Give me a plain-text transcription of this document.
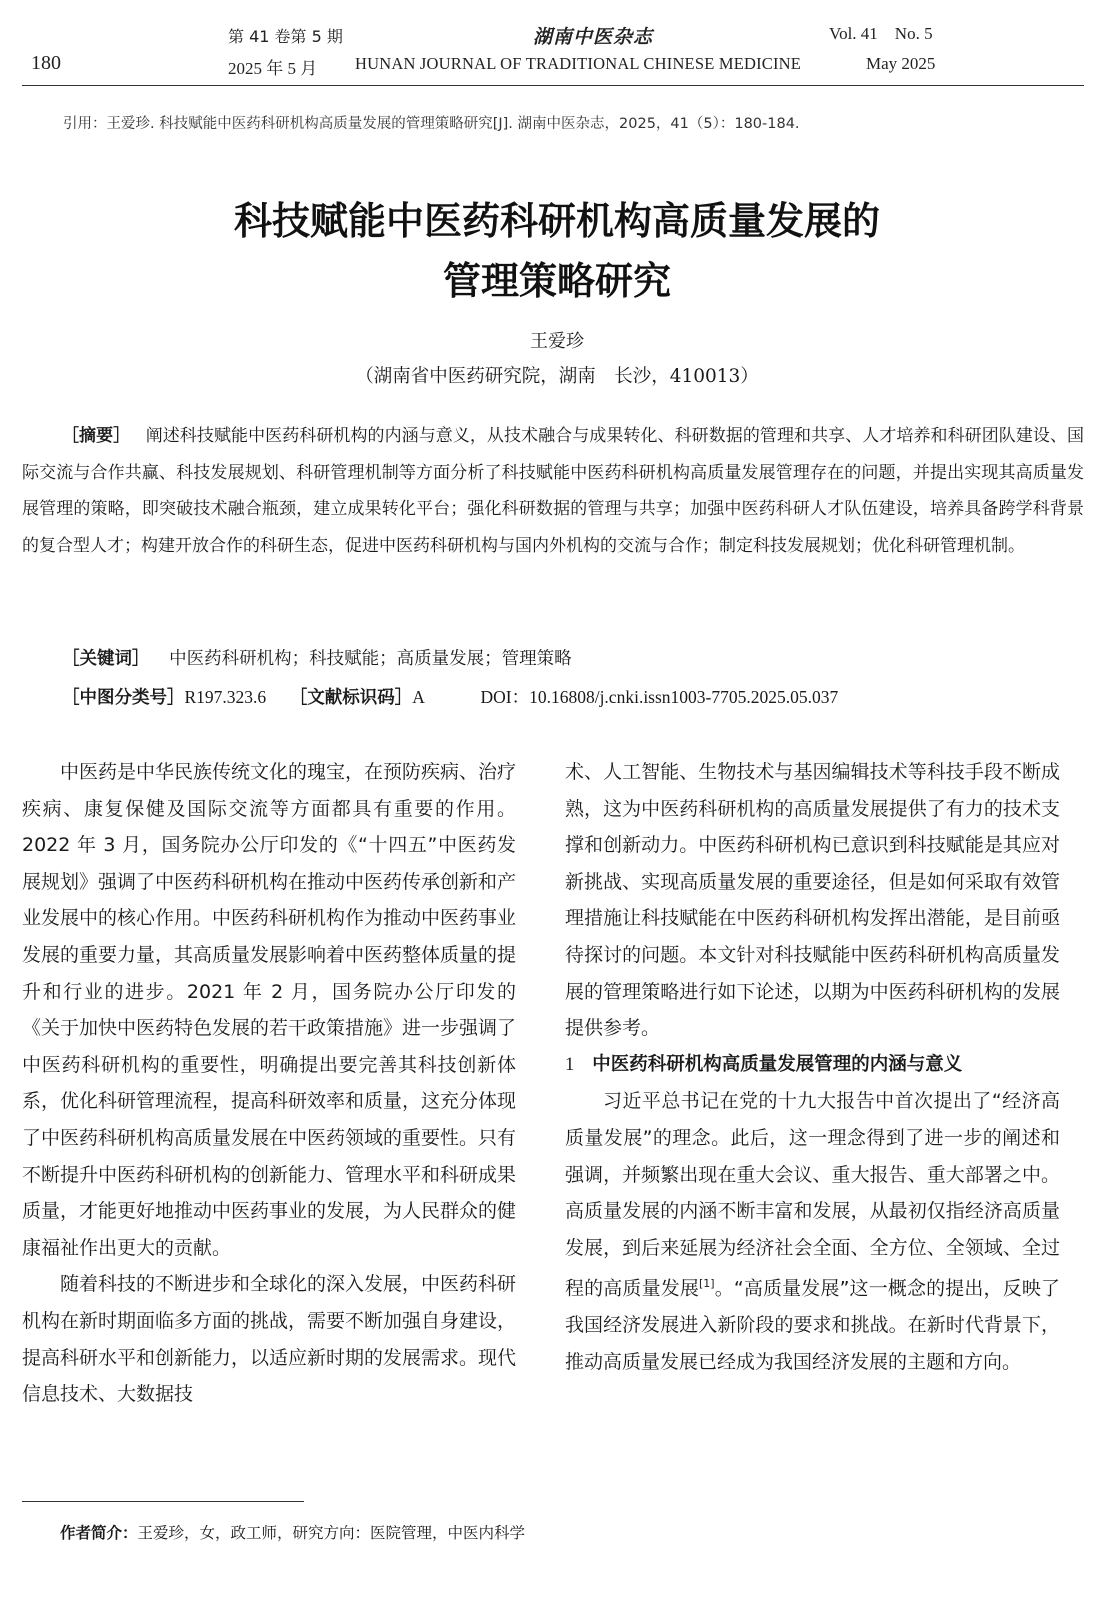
180
第 41 卷第 5 期
2025 年 5 月
湖南中医杂志
HUNAN JOURNAL OF TRADITIONAL CHINESE MEDICINE
Vol. 41    No. 5
May 2025
引用：王爱珍. 科技赋能中医药科研机构高质量发展的管理策略研究[J]. 湖南中医杂志，2025，41（5）：180-184.
科技赋能中医药科研机构高质量发展的
管理策略研究
王爱珍
（湖南省中医药研究院，湖南　长沙，410013）
［摘要］ 阐述科技赋能中医药科研机构的内涵与意义，从技术融合与成果转化、科研数据的管理和共享、人才培养和科研团队建设、国际交流与合作共赢、科技发展规划、科研管理机制等方面分析了科技赋能中医药科研机构高质量发展管理存在的问题，并提出实现其高质量发展管理的策略，即突破技术融合瓶颈，建立成果转化平台；强化科研数据的管理与共享；加强中医药科研人才队伍建设，培养具备跨学科背景的复合型人才；构建开放合作的科研生态，促进中医药科研机构与国内外机构的交流与合作；制定科技发展规划；优化科研管理机制。
［关键词］ 中医药科研机构；科技赋能；高质量发展；管理策略
［中图分类号］R197.323.6 ［文献标识码］A	DOI：10.16808/j.cnki.issn1003-7705.2025.05.037

中医药是中华民族传统文化的瑰宝，在预防疾病、治疗疾病、康复保健及国际交流等方面都具有重要的作用。2022 年 3 月，国务院办公厅印发的《“十四五”中医药发展规划》强调了中医药科研机构在推动中医药传承创新和产业发展中的核心作用。中医药科研机构作为推动中医药事业发展的重要力量，其高质量发展影响着中医药整体质量的提升和行业的进步。2021 年 2 月，国务院办公厅印发的《关于加快中医药特色发展的若干政策措施》进一步强调了中医药科研机构的重要性，明确提出要完善其科技创新体系，优化科研管理流程，提高科研效率和质量，这充分体现了中医药科研机构高质量发展在中医药领域的重要性。只有不断提升中医药科研机构的创新能力、管理水平和科研成果质量，才能更好地推动中医药事业的发展，为人民群众的健康福祉作出更大的贡献。

随着科技的不断进步和全球化的深入发展，中医药科研机构在新时期面临多方面的挑战，需要不断加强自身建设，提高科研水平和创新能力，以适应新时期的发展需求。现代信息技术、大数据技

术、人工智能、生物技术与基因编辑技术等科技手段不断成熟，这为中医药科研机构的高质量发展提供了有力的技术支撑和创新动力。中医药科研机构已意识到科技赋能是其应对新挑战、实现高质量发展的重要途径，但是如何采取有效管理措施让科技赋能在中医药科研机构发挥出潜能，是目前亟待探讨的问题。本文针对科技赋能中医药科研机构高质量发展的管理策略进行如下论述，以期为中医药科研机构的发展提供参考。

1 中医药科研机构高质量发展管理的内涵与意义

习近平总书记在党的十九大报告中首次提出了“经济高质量发展”的理念。此后，这一理念得到了进一步的阐述和强调，并频繁出现在重大会议、重大报告、重大部署之中。高质量发展的内涵不断丰富和发展，从最初仅指经济高质量发展，到后来延展为经济社会全面、全方位、全领域、全过程的高质量发展[1]。“高质量发展”这一概念的提出，反映了我国经济发展进入新阶段的要求和挑战。在新时代背景下，推动高质量发展已经成为我国经济发展的主题和方向。

作者简介：王爱珍，女，政工师，研究方向：医院管理，中医内科学
